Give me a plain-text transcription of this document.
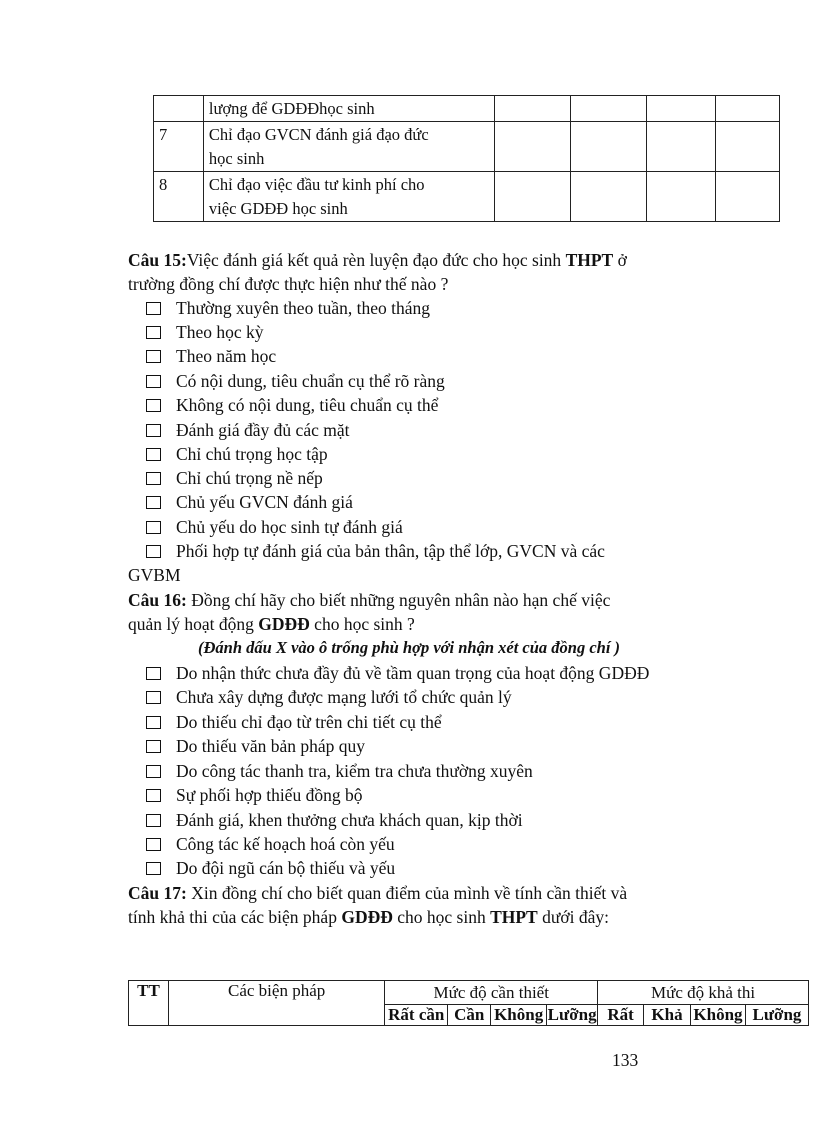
	lượng để GDĐĐhọc sinh				
7	Chỉ đạo GVCN đánh giá đạo đức
học sinh				
8	Chỉ đạo việc đầu tư kinh phí cho
việc GDĐĐ học sinh				
Câu 15:Việc đánh giá kết quả rèn luyện đạo đức cho học sinh THPT ở
trường đồng chí được thực hiện như thế nào ?
Thường xuyên theo tuần, theo tháng
Theo học kỳ
Theo năm học
Có nội dung, tiêu chuẩn cụ thể rõ ràng
Không có nội dung, tiêu chuẩn cụ thể
Đánh giá đầy đủ các mặt
Chỉ chú trọng học tập
Chỉ chú trọng nề nếp
Chủ yếu GVCN đánh giá
Chủ yếu do học sinh tự đánh giá
Phối hợp tự đánh giá của bản thân, tập thể lớp, GVCN và các
GVBM
Câu 16: Đồng chí hãy cho biết những nguyên nhân nào hạn chế việc
quản lý hoạt động GDĐĐ cho học sinh ?
(Đánh dấu X vào ô trống phù hợp với nhận xét của đồng chí )
Do nhận thức chưa đầy đủ về tầm quan trọng của hoạt động GDĐĐ
Chưa xây dựng được mạng lưới tổ chức quản lý
Do thiếu chỉ đạo từ trên chi tiết cụ thể
Do thiếu văn bản pháp quy
Do công tác thanh tra, kiểm tra chưa thường xuyên
Sự phối hợp thiếu đồng bộ
Đánh giá, khen thưởng chưa khách quan, kịp thời
Công tác kế hoạch hoá còn yếu
Do đội ngũ cán bộ thiếu và yếu
Câu 17: Xin đồng chí cho biết quan điểm của mình về tính cần thiết và
tính khả thi của các biện pháp GDĐĐ cho học sinh THPT dưới đây:
TT	Các biện pháp	Mức độ cần thiết				Mức độ khả thi			
		Rất cần	Cần	Không	Lưỡng	Rất	Khả	Không	Lưỡng
133
